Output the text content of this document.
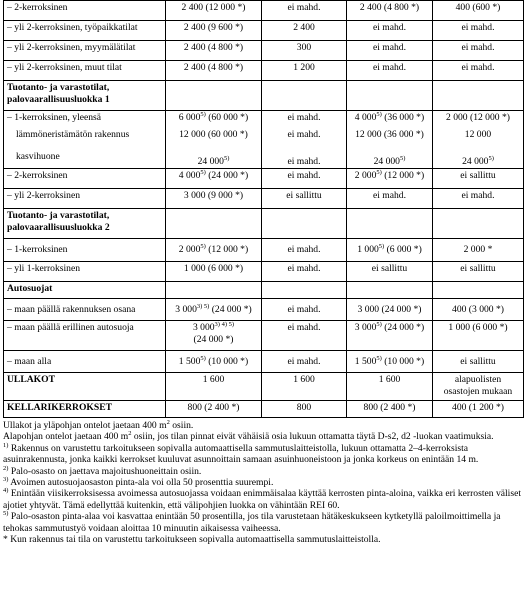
– 2-kerroksinen	2 400 (12 000 *)	ei mahd.	2 400 (4 800 *)	400 (600 *)
– yli 2-kerroksinen, työpaikkatilat	2 400 (9 600 *)	2 400	ei mahd.	ei mahd.
– yli 2-kerroksinen, myymälätilat	2 400 (4 800 *)	300	ei mahd.	ei mahd.
– yli 2-kerroksinen, muut tilat	2 400 (4 800 *)	1 200	ei mahd.	ei mahd.
Tuotanto- ja varastotilat, palovaarallisuusluokka 1				
– 1-kerroksinen, yleensä	6 000$^{5)}$ (60 000 *)	ei mahd.	4 000$^{5)}$ (36 000 *)	2 000 (12 000 *)
lämmöneristämätön rakennus	12 000 (60 000 *)	ei mahd.	12 000 (36 000 *)	12 000
kasvihuone	24 000$^{5)}$	ei mahd.	24 000$^{5)}$	24 000$^{5)}$
– 2-kerroksinen	4 000$^{5)}$ (24 000 *)	ei mahd.	2 000$^{5)}$ (12 000 *)	ei sallittu
– yli 2-kerroksinen	3 000 (9 000 *)	ei sallittu	ei mahd.	ei mahd.
Tuotanto- ja varastotilat, palovaarallisuusluokka 2				
– 1-kerroksinen	2 000$^{5)}$ (12 000 *)	ei mahd.	1 000$^{5)}$ (6 000 *)	2 000 *
– yli 1-kerroksinen	1 000 (6 000 *)	ei mahd.	ei sallittu	ei sallittu
Autosuojat				
– maan päällä rakennuksen osana	3 $000^{3) 5)}$ (24 000 *)	ei mahd.	3 000 (24 000 *)	400 (3 000 *)
– maan päällä erillinen autosuoja	3 $000^{3) 4) 5)}$
(24 000 *)	ei mahd.	3 000$^{5)}$ (24 000 *)	1 000 (6 000 *)
– maan alla	1 500$^{5)}$ (10 000 *)	ei mahd.	1 500$^{5)}$ (10 000 *)	ei sallittu
ULLAKOT	1 600	1 600	1 600	alapuolisten osastojen mukaan
KELLARIKERROKSET	800 (2 400 *)	800	800 (2 400 *)	400 (1 200 *)
Ullakot ja yläpohjan ontelot jaetaan 400 $m^2$ osiin.
Alapohjan ontelot jaetaan 400 $m^2$ osiin, jos tilan pinnat eivät vähäisiä osia lukuun ottamatta täytä D-s2, d2 -luokan vaatimuksia.
$^{1)}$ Rakennus on varustettu tarkoitukseen sopivalla automaattisella sammutuslaitteistolla, lukuun ottamatta 2–4-kerroksista asuinrakennusta, jonka kaikki kerrokset kuuluvat asunnoittain samaan asuinhuoneistoon ja jonka korkeus on enintään 14 m.
$^{2)}$ Palo-osasto on jaettava majoitushuoneittain osiin.
$^{3)}$ Avoimen autosuojaosaston pinta-ala voi olla 50 prosenttia suurempi.
$^{4)}$ Enintään viisikerroksisessa avoimessa autosuojassa voidaan enimmäisalaa käyttää kerrosten pinta-aloina, vaikka eri kerrosten väliset ajotiet yhtyvät. Tämä edellyttää kuitenkin, että välipohjien luokka on vähintään REI 60.
$^{5)}$ Palo-osaston pinta-alaa voi kasvattaa enintään 50 prosentilla, jos tila varustetaan hätäkeskukseen kytketyllä paloilmoittimella ja tehokas sammutustyö voidaan aloittaa 10 minuutin aikaisessa vaiheessa.
* Kun rakennus tai tila on varustettu tarkoitukseen sopivalla automaattisella sammutuslaitteistolla.
